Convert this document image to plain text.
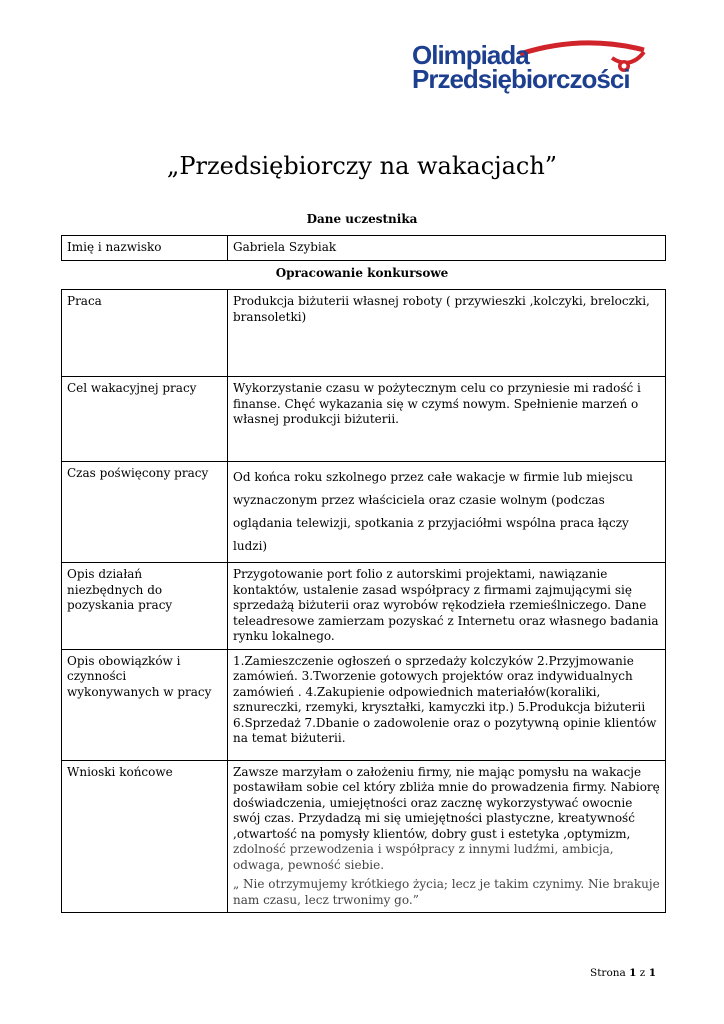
Olimpiada
Przedsiębiorczości
„Przedsiębiorczy na wakacjach”
Dane uczestnika
Imię i nazwisko	Gabriela Szybiak
Opracowanie konkursowe
Praca	Produkcja biżuterii własnej roboty ( przywieszki ,kolczyki, breloczki, bransoletki)
Cel wakacyjnej pracy	Wykorzystanie czasu w pożytecznym celu co przyniesie mi radość i finanse. Chęć wykazania się w czymś nowym. Spełnienie marzeń o własnej produkcji biżuterii.
Czas poświęcony pracy	Od końca roku szkolnego przez całe wakacje w firmie lub miejscu wyznaczonym przez właściciela oraz czasie wolnym (podczas oglądania telewizji, spotkania z przyjaciółmi wspólna praca łączy ludzi)
Opis działań niezbędnych do pozyskania pracy	Przygotowanie port folio z autorskimi projektami, nawiązanie kontaktów, ustalenie zasad współpracy z firmami zajmującymi się sprzedażą biżuterii oraz wyrobów rękodzieła rzemieślniczego. Dane teleadresowe zamierzam pozyskać z Internetu oraz własnego badania rynku lokalnego.
Opis obowiązków i czynności wykonywanych w pracy	1.Zamieszczenie ogłoszeń o sprzedaży kolczyków 2.Przyjmowanie zamówień. 3.Tworzenie gotowych projektów oraz indywidualnych zamówień . 4.Zakupienie odpowiednich materiałów(koraliki, sznureczki, rzemyki, kryształki, kamyczki itp.) 5.Produkcja biżuterii 6.Sprzedaż 7.Dbanie o zadowolenie oraz o pozytywną opinie klientów na temat biżuterii.
Wnioski końcowe	Zawsze marzyłam o założeniu firmy, nie mając pomysłu na wakacje postawiłam sobie cel który zbliża mnie do prowadzenia firmy. Nabiorę doświadczenia, umiejętności oraz zacznę wykorzystywać owocnie swój czas. Przydadzą mi się umiejętności plastyczne, kreatywność ,otwartość na pomysły klientów, dobry gust i estetyka ,optymizm, zdolność przewodzenia i współpracy z innymi ludźmi, ambicja, odwaga, pewność siebie.
„ Nie otrzymujemy krótkiego życia; lecz je takim czynimy. Nie brakuje nam czasu, lecz trwonimy go.”
Strona 1 z 1
